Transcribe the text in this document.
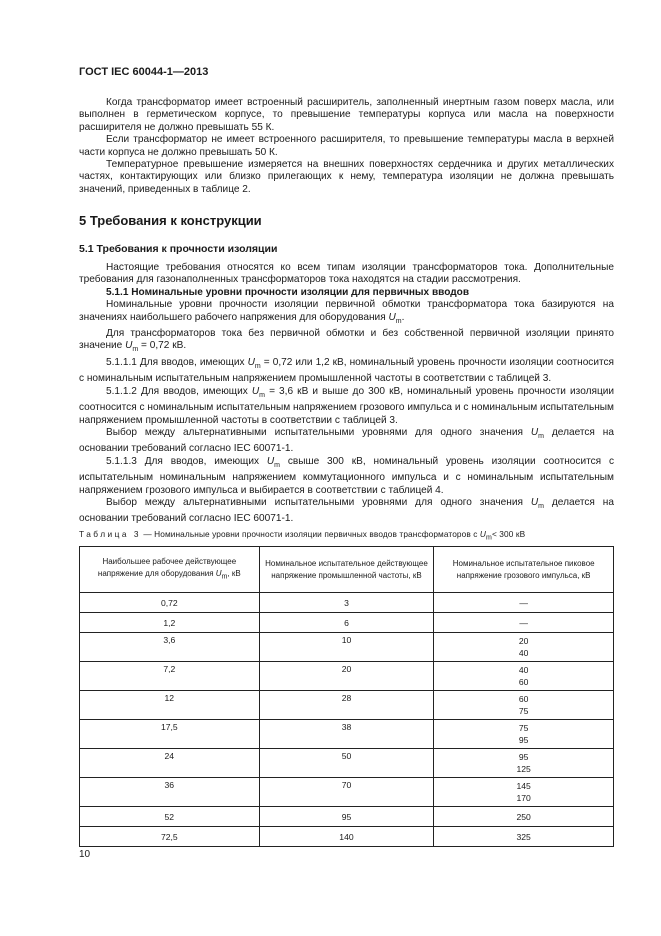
ГОСТ IEC 60044-1—2013

Когда трансформатор имеет встроенный расширитель, заполненный инертным газом поверх масла, или выполнен в герметическом корпусе, то превышение температуры корпуса или масла на поверхности расширителя не должно превышать 55 К.

Если трансформатор не имеет встроенного расширителя, то превышение температуры масла в верхней части корпуса не должно превышать 50 К.

Температурное превышение измеряется на внешних поверхностях сердечника и других металлических частях, контактирующих или близко прилегающих к нему, температура изоляции не должна превышать значений, приведенных в таблице 2.

5 Требования к конструкции
5.1 Требования к прочности изоляции

Настоящие требования относятся ко всем типам изоляции трансформаторов тока. Дополнительные требования для газонаполненных трансформаторов тока находятся на стадии рассмотрения.

5.1.1 Номинальные уровни прочности изоляции для первичных вводов

Номинальные уровни прочности изоляции первичной обмотки трансформатора тока базируются на значениях наибольшего рабочего напряжения для оборудования $U_m$.

Для трансформаторов тока без первичной обмотки и без собственной первичной изоляции принято значение $U_m = 0,72$ кВ.

5.1.1.1 Для вводов, имеющих $U_m = 0,72$ или 1,2 кВ, номинальный уровень прочности изоляции соотносится с номинальным испытательным напряжением промышленной частоты в соответствии с таблицей 3.

5.1.1.2 Для вводов, имеющих $U_m = 3,6$ кВ и выше до 300 кВ, номинальный уровень прочности изоляции соотносится с номинальным испытательным напряжением грозового импульса и с номинальным испытательным напряжением промышленной частоты в соответствии с таблицей 3.

Выбор между альтернативными испытательными уровнями для одного значения $U_m$ делается на основании требований согласно IEC 60071-1.

5.1.1.3 Для вводов, имеющих $U_m$ свыше 300 кВ, номинальный уровень изоляции соотносится с испытательным номинальным напряжением коммутационного импульса и с номинальным испытательным напряжением грозового импульса и выбирается в соответствии с таблицей 4.

Выбор между альтернативными испытательными уровнями для одного значения $U_m$ делается на основании требований согласно IEC 60071-1.

Таблица 3 — Номинальные уровни прочности изоляции первичных вводов трансформаторов с $U_m< 300$ кВ
Наибольшее рабочее действующее напряжение для оборудования $U_m$, кВ	Номинальное испытательное действующее напряжение промышленной частоты, кВ	Номинальное испытательное пиковое напряжение грозового импульса, кВ
0,72	3	—

1,2	6	—

3,6	10	20
40

7,2	20	40
60

12	28	60
75

17,5	38	75
95

24	50	95
125

36	70	145
170

52	95	250

72,5	140	325
10
